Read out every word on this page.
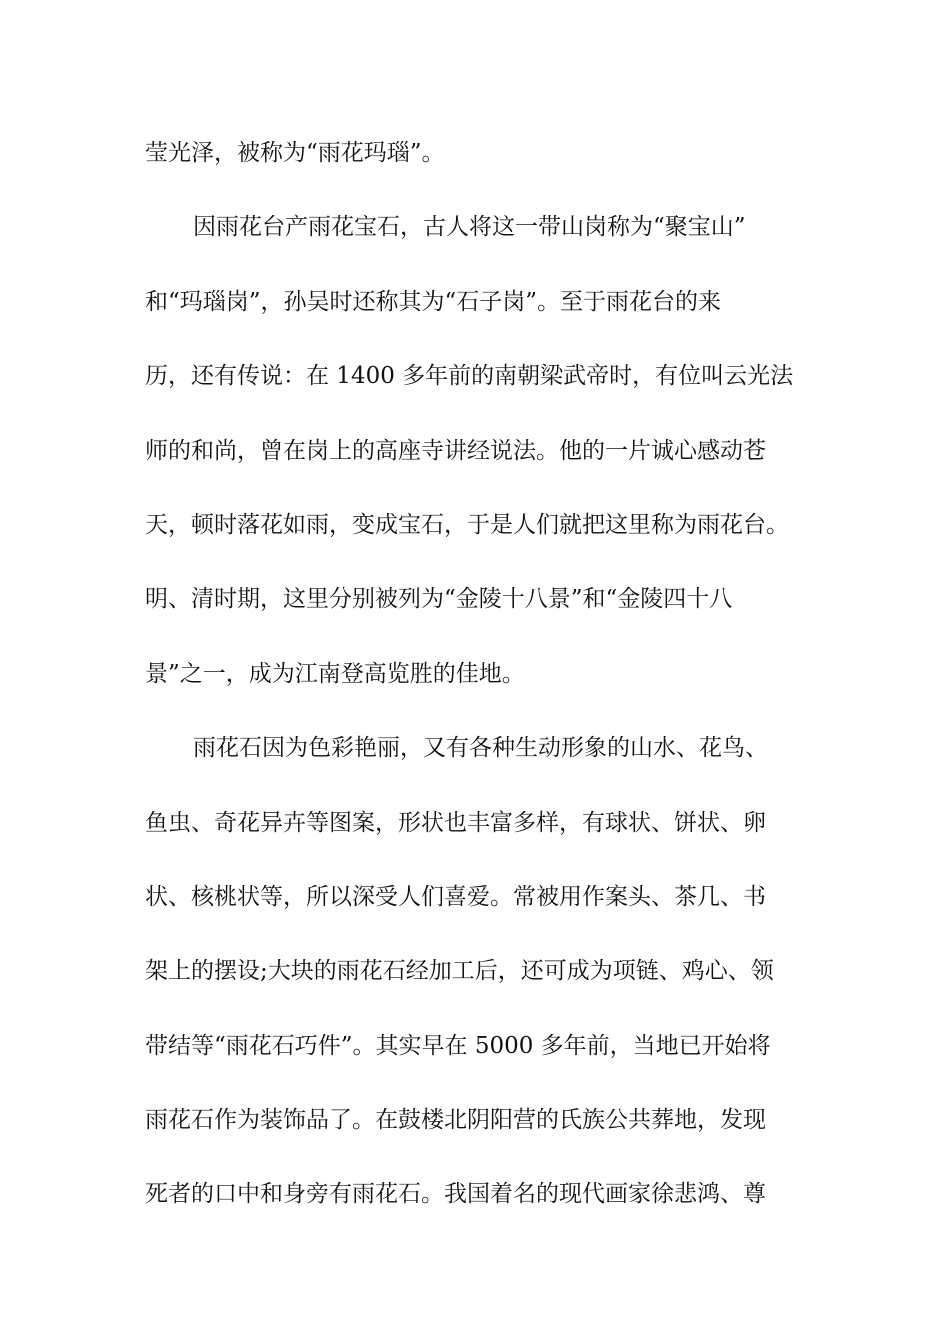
莹光泽，被称为“雨花玛瑙”。
因雨花台产雨花宝石，古人将这一带山岗称为“聚宝山”
和“玛瑙岗”，孙吴时还称其为“石子岗”。至于雨花台的来
历，还有传说：在 1400 多年前的南朝梁武帝时，有位叫云光法
师的和尚，曾在岗上的高座寺讲经说法。他的一片诚心感动苍
天，顿时落花如雨，变成宝石，于是人们就把这里称为雨花台。
明、清时期，这里分别被列为“金陵十八景”和“金陵四十八
景”之一，成为江南登高览胜的佳地。
雨花石因为色彩艳丽，又有各种生动形象的山水、花鸟、
鱼虫、奇花异卉等图案，形状也丰富多样，有球状、饼状、卵
状、核桃状等，所以深受人们喜爱。常被用作案头、茶几、书
架上的摆设;大块的雨花石经加工后，还可成为项链、鸡心、领
带结等“雨花石巧件”。其实早在 5000 多年前，当地已开始将
雨花石作为装饰品了。在鼓楼北阴阳营的氏族公共葬地，发现
死者的口中和身旁有雨花石。我国着名的现代画家徐悲鸿、尊
